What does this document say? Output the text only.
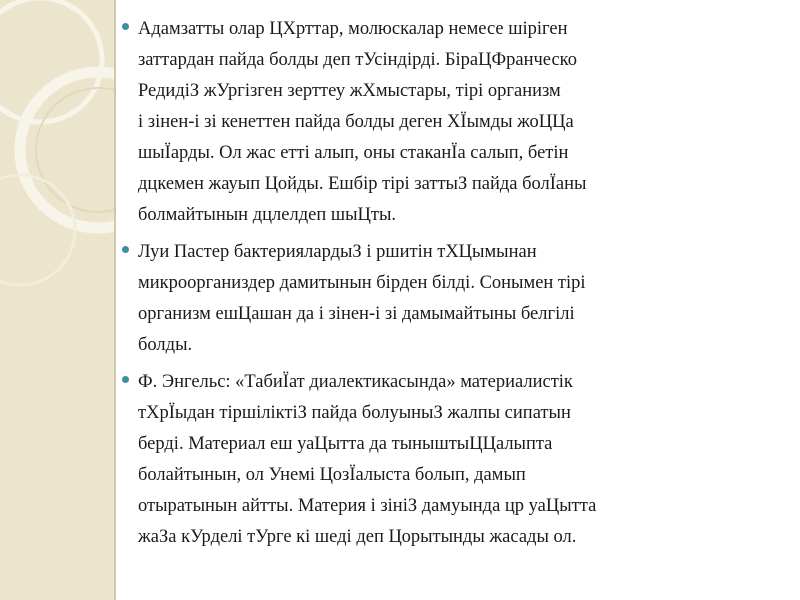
Адамзатты олар ЦХрттар, молюскалар немесе шіріген
заттардан пайда болды деп тУсіндірді. БіраЦФранческо
РедидіЗ жУргізген зерттеу жХмыстары, тірі организм
і зінен-і зі кенеттен пайда болды деген ХЇымды жоЦЦа
шыЇарды. Ол жас етті алып, оны стаканЇа салып, бетін
дцкемен жауып Цойды. Ешбір тірі заттыЗ пайда болЇаны
болмайтынын дцлелдеп шыЦты.
Луи Пастер бактериялардыЗ і ршитін тХЦымынан
микроорганиздер дамитынын бірден білді. Сонымен тірі
организм ешЦашан да і зінен-і зі дамымайтыны белгілі
болды.
Ф. Энгельс: «ТабиЇат диалектикасында» материалистік
тХрЇыдан тіршіліктіЗ пайда болуыныЗ жалпы сипатын
берді. Материал еш уаЦытта да тыныштыЦЦалыпта
болайтынын, ол Унемі ЦозЇалыста болып, дамып
отыратынын айтты. Материя і зініЗ дамуында цр уаЦытта
жаЗа кУрделі тУрге кі шеді деп Цорытынды жасады ол.
